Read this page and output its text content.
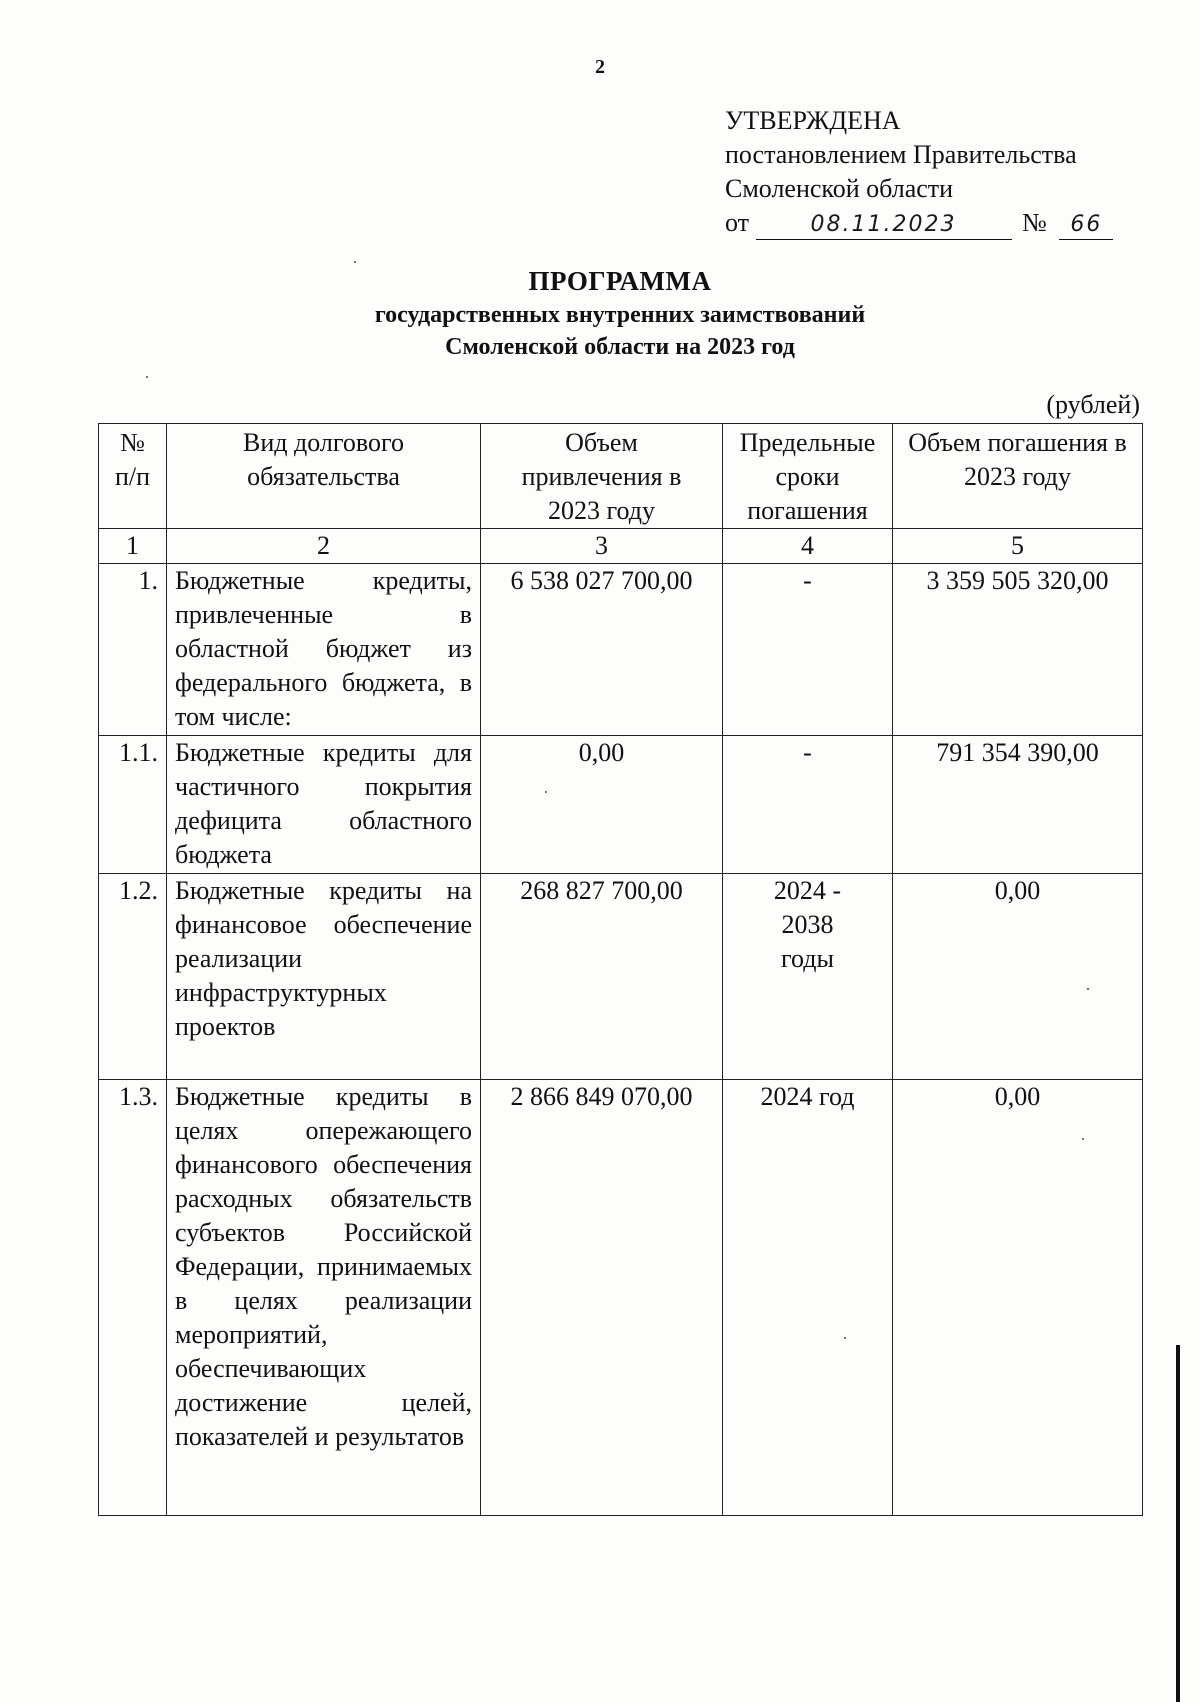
2
УТВЕРЖДЕНА
постановлением Правительства
Смоленской области
от	08.11.2023	№ 66
ПРОГРАММА
государственных внутренних заимствований
Смоленской области на 2023 год
(рублей)
№ п/п	Вид долгового обязательства	Объем привлечения в 2023 году	Предельные сроки погашения	Объем погашения в 2023 году
1	2	3	4	5
1.	Бюджетные кредиты, привлеченные в областной бюджет из федерального бюджета, в том числе:	6 538 027 700,00	-	3 359 505 320,00
1.1.	Бюджетные кредиты для частичного покрытия дефицита областного бюджета	0,00	-	791 354 390,00
1.2.	Бюджетные кредиты на финансовое обеспечение реализации инфраструктурных проектов	268 827 700,00	2024 - 2038 годы	0,00
1.3.	Бюджетные кредиты в целях опережающего финансового обеспечения расходных обязательств субъектов Российской Федерации, принимаемых в целях реализации мероприятий, обеспечивающих достижение целей, показателей и результатов	2 866 849 070,00	2024 год	0,00
